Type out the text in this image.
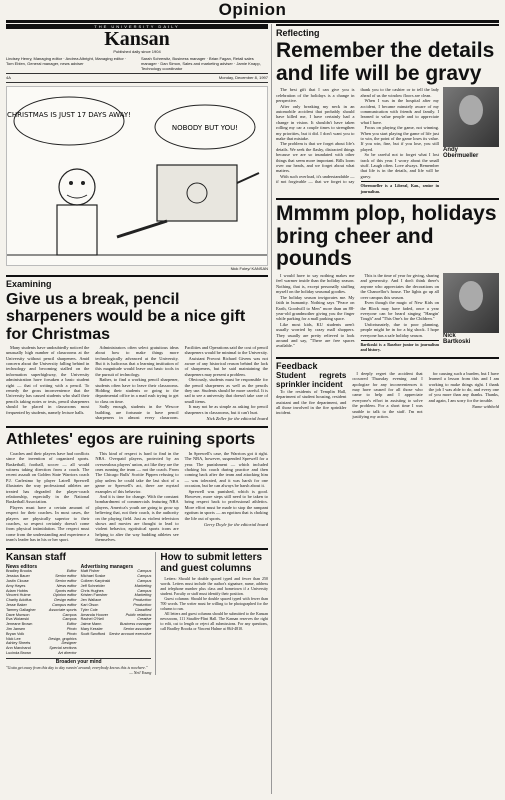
Opinion
THE UNIVERSITY DAILY
Kansan
Published daily since 1904
Lindsey Henry, Managing editor · Andrea Albright, Managing editor · Tom Eblen, General manager, news adviser
Sarah Schrewitz, Business manager · Brian Fagan, Retail sales manager · Dan Simon, Sales and marketing adviser · Jamie Knapp, Technology coordinator
4A	Monday, December 8, 1997
CHRISTMAS IS JUST 17 DAYS AWAY!
NOBODY BUT YOU!
Nick Foley/ KANSAN
Examining
Give us a break, pencil sharpeners would be a nice gift for Christmas

Many students have undoubtedly noticed the unusually high number of classrooms at the University without pencil sharpeners. Amid concern about the University falling behind in technology and becoming stalled on the information superhighway, the University administration have forsaken a basic student right — that of writing with a pencil. To remedy the gross inconvenience that the University has caused students who shall their pencils taking notes or tests, pencil sharpeners should be placed in classrooms most frequented by students, namely lecture halls.

Administrators often select gratuitous ideas about how to make things more technologically advanced at the University. But it is ludicrous that a learning institution of this magnitude would leave out basic tools in the pursuit of technology.

Rather, to find a working pencil sharpener, students often have to leave their classrooms. Holding their students or going to the departmental office in a mad rush trying to get to class on time.

Sadly enough, students in the Wescoe building, are fortunate to have pencil sharpeners in almost every classroom. Facilities and Operations said the cost of pencil sharpeners would be minimal to the University.

Assistant Provost Richard Givens was not aware of any historical reason behind the lack of sharpeners, but he said maintaining the sharpeners may present a problem.

Obviously, students must be responsible for the pencil sharpeners as well as the pencils they use. Students should be more careful. It is sad to see a university that doesn't take care of small items.

It may not be as simple as asking for pencil sharpeners in classrooms, but it can't hurt.

Nick Zeller for the editorial board
Athletes' egos are ruining sports

Coaches and their players have had conflicts since the invention of organized sports. Basketball, football, soccer — all would witness taking direction from a coach. The recent assault on Golden State Warriors coach P.J. Carlesimo by player Latrell Sprewell illustrates the way professional athletes are treated has degraded the player-coach relationship, especially in the National Basketball Association.

Players must have a certain amount of respect for their coaches. In most cases, the players are physically superior to their coaches, so respect certainly doesn't come from physical intimidation. The respect must come from the understanding and experience a team's leader has in his or her sport.

This kind of respect is hard to find in the NBA. Overpaid players, protected by an overzealous players' union, act like they are the ones running the team — not the coach. From The Chicago Bulls' Scottie Pippen refusing to play unless he could take the last shot of a game or Sprewell's act, there are myriad examples of this behavior.

And it is time for change. With the constant bombardment of commercials featuring NBA players, America's youth are going to grow up believing that, not their coach, is the authority on the playing field. Just as violent television shows and movies are thought to lead to violent behavior, egotistical sports icons are helping to alter the way budding athletes see themselves.

In Sprewell's case, the Warriors got it right. The NBA, however, suspended Sprewell for a year. The punishment — which included choking his coach during practice and then coming back after the team and attacking him — was tolerated, and it was harsh for one occasion, but he can always be harsh about it.

Sprewell was punished, which is good. However, more steps still need to be taken to bring respect back to professional athletics. More effort must be made to stop the rampant egotism in sports — an egotism that is choking the life out of sports.

Gerry Doyle for the editorial board
Kansan staff
News editors
Bradley Brooks	Editor
Jessica Bauer	Senior editor
Justin Clouse	Senior editor
Amy Hayes	News editor
Adam Hobbs	Sports editor
Vincent Hulme	Opinion editor
Charity Adolfus	Design editor
Jesse Baker	Campus editor
Tammy Gallagher	Associate sports
Dave Munson	Campus
Eva Wolanski	Campus
Jeneane Brown	Editor
Jim Jansen	Photo
Bryan Volk	Photo
Nick Lee	Design, graphics
Ashley Sheets	Designer
Ann Marchand	Special sections
Lucinda Brown	Art director
Advertising managers
Matt Fisher	Campus
Michael Soske	Campus
Colleen Karpinski	Campus
Jeff Schneider	Marketing
Chris Hughes	Campus
Kristen Fansher	Marketing
Jen Wallace	Production
Kari Olson	Production
Tyler Cole	Classified
Amanda Hoover	Public relations
Rachel O'Neil	Creative
Jaime Mann	Business manager
Mary Kessler	Senior associate
Scott Swofford Senior account executive
Broaden your mind
"Gotta get away from this day to day runnin' around; everybody knows this is nowhere."
— Neil Young
How to submit letters and guest columns

Letters: Should be double spaced typed and fewer than 250 words. Letters must include the author's signature, name, address and telephone number plus class and hometown if a University student. Faculty or staff must identify their position.

Guest columns: Should be double spaced typed with fewer than 700 words. The writer must be willing to be photographed for the column to run.

All letters and guest columns should be submitted to the Kansan newsroom, 111 Stauffer-Flint Hall. The Kansan reserves the right to edit, cut to length or reject all submissions. For any questions, call Bradley Brooks or Vincent Hulme at 864-4810.

Reflecting
Remember the details and life will be gravy
Andy
Obermueller

The best gift that I can give you is celebration of the holidays is a change in perspective.

After only breaking my neck in an automobile accident that probably should have killed me, I have certainly had a change in vision. It shouldn't have taken rolling my car a couple times to strengthen my priorities, but it did. I don't want you to make that mistake.

The problem is that we forget about life's details. We seek the flashy, distracted things because we are so inundated with other things that seem more important. Bills loom over our heads, and we forget about what matters.

With such overload, it's understandable — if not forgivable — that we forget to say thank you to the cashier or to tell the lady ahead of us the window floors are clean.

When I was in the hospital after my accident, I became minutely aware of my communication with friends and family. I learned to value people and to appreciate what I have.

Focus on playing the game, not winning. When you start playing the game of life just to win, the point of the game loses its value. If you win, fine, but if you lose, you still played.

So be careful not to forget what I lost track of this year. I worry about the small stuff. Laugh often. Love always. Remember that life is in the details, and life will be gravy.

Obermueller is a Liberal, Kan., senior in journalism.
Mmmm plop, holidays bring cheer and pounds
Nick
Bartkoski

I would have to say nothing makes me feel warmer inside than the holiday season. Nothing, that is, except personally stuffing myself on the holiday seasonal goodies.

The holiday season invigorates me. My faith in humanity. Nothing says "Peace on Earth, Goodwill to Men" more than an 88-year-old grandmother giving you the finger while parking for a mall parking space.

Like most kids, KU students aren't usually worried by crazy mall shoppers. They usually are pretty relieved to look around and say, "There are free spaces available."

This is the time of year for giving, sharing and generosity. And I don't think there's anyone who appreciates the decorations on the Chancellor's house. The lights go up all over campus this season.

Even though the magic of New Kids on the Block may have faded, once a year everyone can be heard singing "Hangin' Tough" and "This One's for the Children."

Unfortunately, due to poor planning, people might be in for a big shock. I hope everyone has a safe holiday season.

Bartkoski is a Basehor junior in journalism and history.
Feedback
Student regrets sprinkler incident

To the residents of Templin Hall, department of student housing, resident assistant and the fire department, and all those involved in the fire sprinkler incident.

I deeply regret the accident that occurred Thursday evening and I apologize for any inconveniences it may have caused for all those who came to help and I appreciate everyone's effort in assisting to solve the problem. For a short time I was unable to talk to the staff. I'm not justifying my action.

for causing such a burden, but I have learned a lesson from this and I am working to make things right. I thank the job I was able to do, and every one of you more than any thanks. Thanks, and again, I am sorry for the trouble.

Name withheld
